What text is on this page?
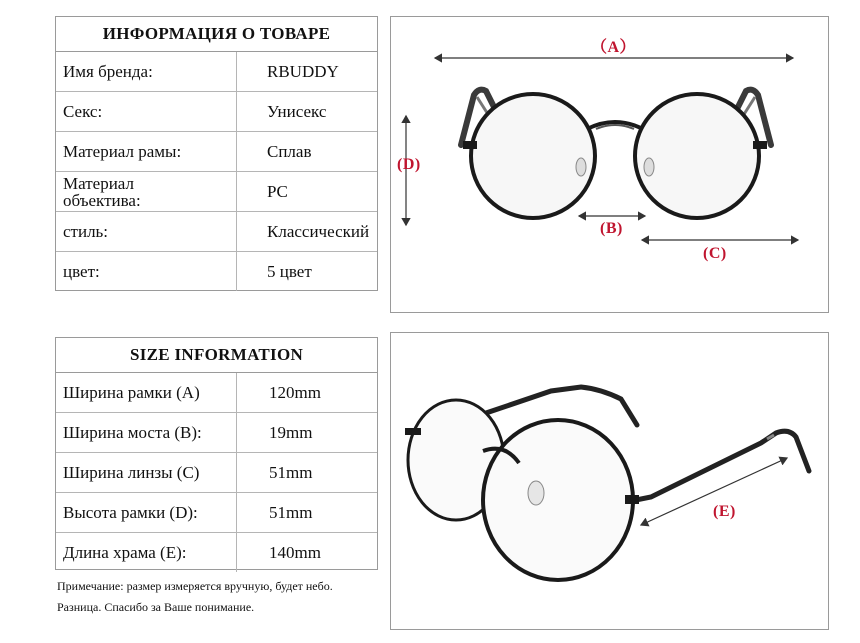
ИНФОРМАЦИЯ О ТОВАРЕ
Имя бренда:	RBUDDY
Секс:	Унисекс
Материал рамы:	Сплав
Материал
объектива:	PC
стиль:	Классический
цвет:	5 цвет
SIZE INFORMATION
Ширина рамки (A)	120mm
Ширина моста (B):	19mm
Ширина линзы (C)	51mm
Высота рамки (D):	51mm
Длина храма (E):	140mm
Примечание: размер измеряется вручную, будет небо.
Разница. Спасибо за Ваше понимание.
（A）
(D)
(B)
(C)
(E)
